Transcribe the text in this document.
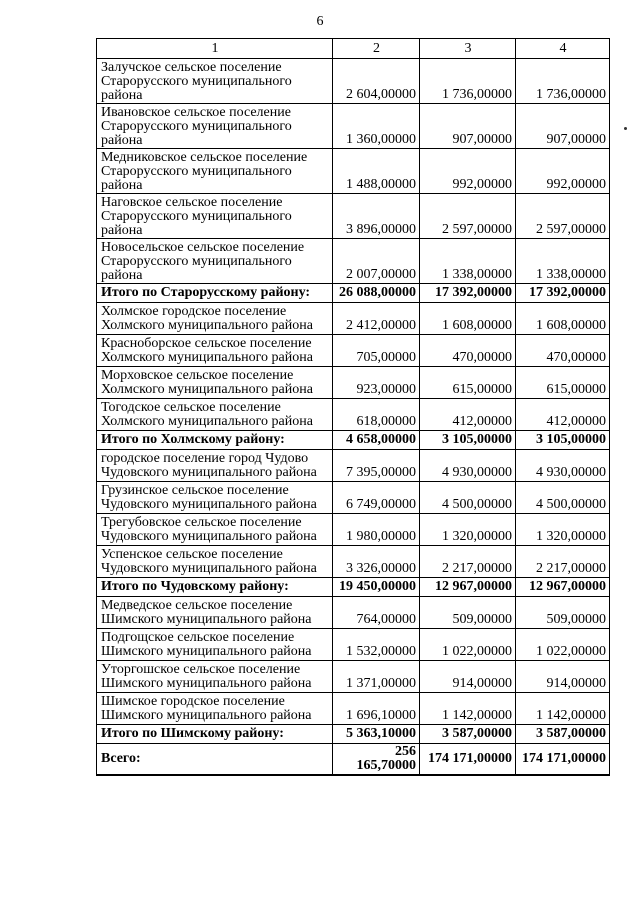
6
1	2	3	4
Залучское сельское поселение Старорусского муниципального района	2 604,00000	1 736,00000	1 736,00000
Ивановское сельское поселение Старорусского муниципального района	1 360,00000	907,00000	907,00000
Медниковское сельское поселение Старорусского муниципального района	1 488,00000	992,00000	992,00000
Наговское сельское поселение Старорусского муниципального района	3 896,00000	2 597,00000	2 597,00000
Новосельское сельское поселение Старорусского муниципального района	2 007,00000	1 338,00000	1 338,00000
Итого по Старорусскому району:	26 088,00000	17 392,00000	17 392,00000
Холмское городское поселение Холмского муниципального района	2 412,00000	1 608,00000	1 608,00000
Красноборское сельское поселение Холмского муниципального района	705,00000	470,00000	470,00000
Морховское сельское поселение Холмского муниципального района	923,00000	615,00000	615,00000
Тогодское сельское поселение Холмского муниципального района	618,00000	412,00000	412,00000
Итого по Холмскому району:	4 658,00000	3 105,00000	3 105,00000
городское поселение город Чудово Чудовского муниципального района	7 395,00000	4 930,00000	4 930,00000
Грузинское сельское поселение Чудовского муниципального района	6 749,00000	4 500,00000	4 500,00000
Трегубовское сельское поселение Чудовского муниципального района	1 980,00000	1 320,00000	1 320,00000
Успенское сельское поселение Чудовского муниципального района	3 326,00000	2 217,00000	2 217,00000
Итого по Чудовскому району:	19 450,00000	12 967,00000	12 967,00000
Медведское сельское поселение Шимского муниципального района	764,00000	509,00000	509,00000
Подгощское сельское поселение Шимского муниципального района	1 532,00000	1 022,00000	1 022,00000
Уторгошское сельское поселение Шимского муниципального района	1 371,00000	914,00000	914,00000
Шимское городское поселение Шимского муниципального района	1 696,10000	1 142,00000	1 142,00000
Итого по Шимскому району:	5 363,10000	3 587,00000	3 587,00000
Всего:	256 165,70000	174 171,00000	174 171,00000
